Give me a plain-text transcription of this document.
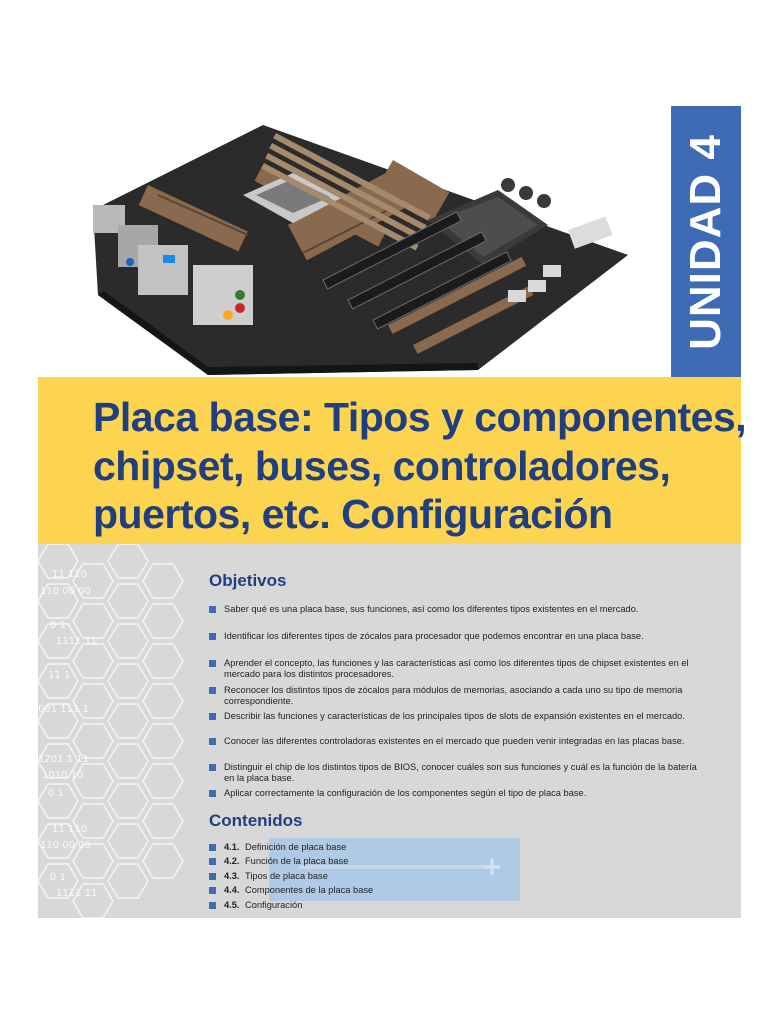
UNIDAD 4
Placa base: Tipos y componentes,
chipset, buses, controladores,
puertos, etc. Configuración
11 110
110 00 00
0 1
1111 11
11 1
001 111 1
1201 1 11
1010 10
0 1
11 110
110 00 00
0 1
1111 11
Objetivos
Saber qué es una placa base, sus funciones, así como los diferentes tipos existentes en el mercado.
Identificar los diferentes tipos de zócalos para procesador que podemos encontrar en una placa base.
Aprender el concepto, las funciones y las características así como los diferentes tipos de chipset existentes en el mercado para los distintos procesadores.
Reconocer los distintos tipos de zócalos para módulos de memorias, asociando a cada uno su tipo de memoria correspondiente.
Describir las funciones y características de los principales tipos de slots de expansión existentes en el mercado.
Conocer las diferentes controladoras existentes en el mercado que pueden venir integradas en las placas base.
Distinguir el chip de los distintos tipos de BIOS, conocer cuáles son sus funciones y cuál es la función de la batería en la placa base.
Aplicar correctamente la configuración de los componentes según el tipo de placa base.
Contenidos
+
4.1. Definición de placa base
4.2. Función de la placa base
4.3. Tipos de placa base
4.4. Componentes de la placa base
4.5. Configuración
